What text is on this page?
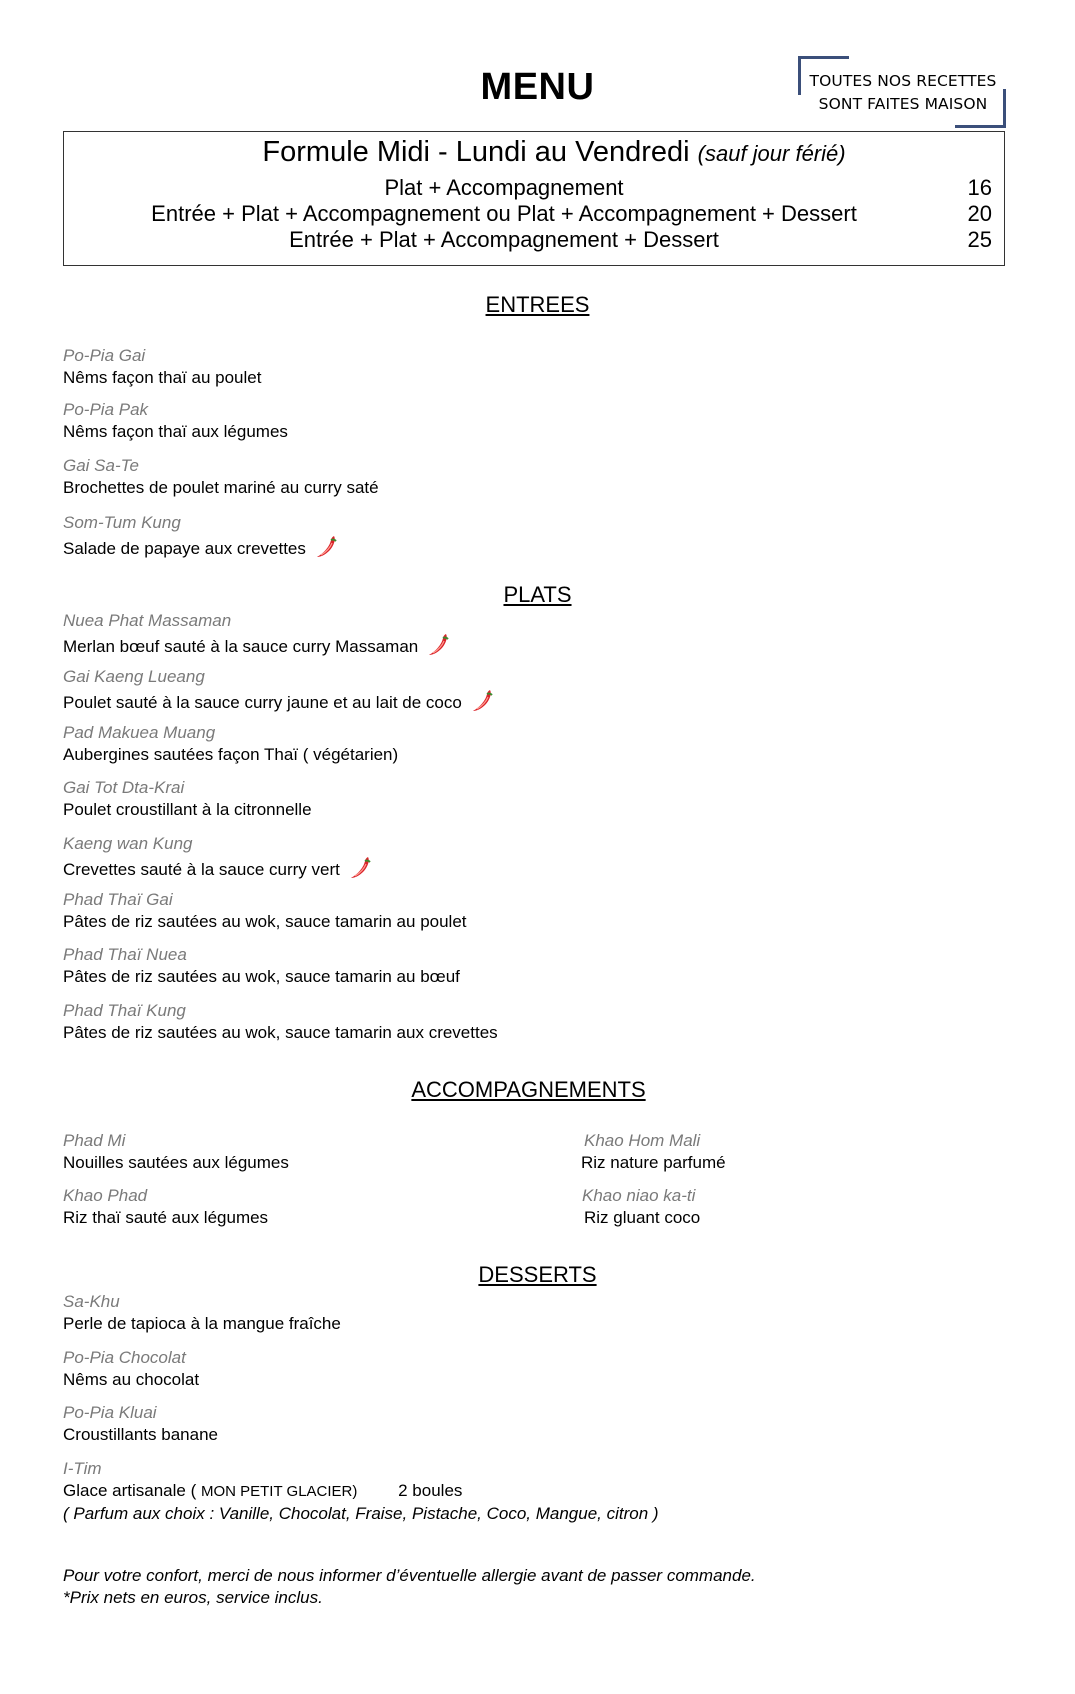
MENU	TOUTES NOS RECETTES
SONT FAITES MAISON
Formule Midi - Lundi au Vendredi (sauf jour férié)
Plat + Accompagnement	16
Entrée + Plat + Accompagnement ou Plat + Accompagnement + Dessert	20
Entrée + Plat + Accompagnement + Dessert	25
ENTREES
Po-Pia Gai
Nêms façon thaï au poulet
Po-Pia Pak
Nêms façon thaï aux légumes
Gai Sa-Te
Brochettes de poulet mariné au curry saté
Som-Tum Kung
Salade de papaye aux crevettes
PLATS
Nuea Phat Massaman
Merlan bœuf sauté à la sauce curry Massaman
Gai Kaeng Lueang
Poulet sauté à la sauce curry jaune et au lait de coco
Pad Makuea Muang
Aubergines sautées façon Thaï ( végétarien)
Gai Tot Dta-Krai
Poulet croustillant à la citronnelle
Kaeng wan Kung
Crevettes sauté à la sauce curry vert
Phad Thaï Gai
Pâtes de riz sautées au wok, sauce tamarin au poulet
Phad Thaï Nuea
Pâtes de riz sautées au wok, sauce tamarin au bœuf
Phad Thaï Kung
Pâtes de riz sautées au wok, sauce tamarin aux crevettes
ACCOMPAGNEMENTS
Phad Mi
Nouilles sautées aux légumes
Khao Hom Mali
Riz nature parfumé
Khao Phad
Riz thaï sauté aux légumes
Khao niao ka-ti
Riz gluant coco
DESSERTS
Sa-Khu
Perle de tapioca à la mangue fraîche
Po-Pia Chocolat
Nêms au chocolat
Po-Pia Kluai
Croustillants banane
I-Tim
Glace artisanale ( MON PETIT GLACIER) 2 boules
( Parfum aux choix : Vanille, Chocolat, Fraise, Pistache, Coco, Mangue, citron )
Pour votre confort, merci de nous informer d’éventuelle allergie avant de passer commande.
*Prix nets en euros, service inclus.
